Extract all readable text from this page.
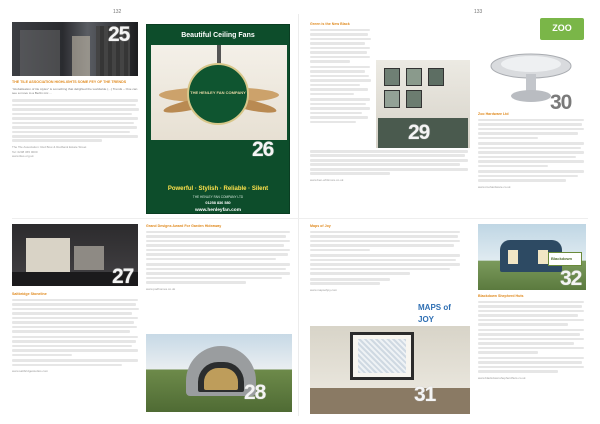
132	133
25
THE TILE ASSOCIATION HIGHLIGHTS SOME FEY OF THE TRENDS
“Globalisation of tile styles” is something that delighted the worldwide (...) Trends – One can see a move to a Berlin mix ...
The Tile Association: Red Bow & Redbank Estate Street
Tel: 0208 365 0000
www.tiles.org.uk
Beautiful Ceiling Fans
THE HENLEY FAN COMPANY
26
Powerful · Stylish · Reliable · Silent
THE HENLEY FAN COMPANY LTD
01258 836 580
www.henleyfan.com
Green is the New Black
29
www.ben-whitmore.co.uk
ZOO
30
Zoo Hardware Ltd
www.zoohardware.co.uk
27
Saltbridge Stoneline
www.saltbridgestudios.com
Grand Designs Award For Garden Hideaway
www.podhomes.co.uk
28
Maps of Joy
www.mapsofjoy.com
MAPS of JOY
31
Blackdown
32
Blackdown Shepherd Huts
www.blackdownshepherdhuts.co.uk
